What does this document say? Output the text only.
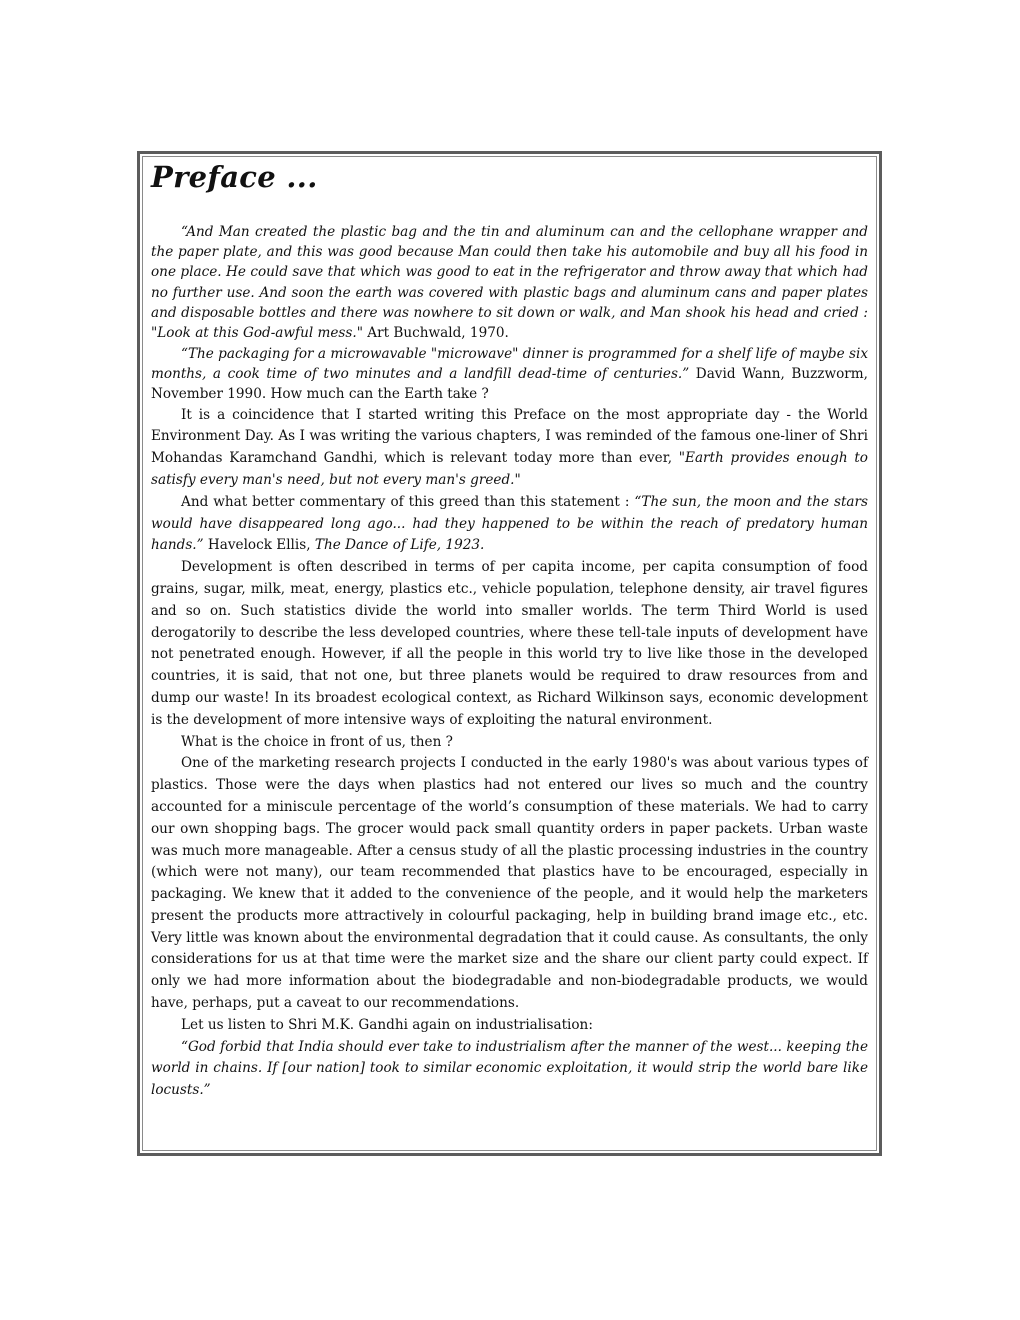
Preface ...

“And Man created the plastic bag and the tin and aluminum can and the cellophane wrapper and the paper plate, and this was good because Man could then take his automobile and buy all his food in one place. He could save that which was good to eat in the refrigerator and throw away that which had no further use. And soon the earth was covered with plastic bags and aluminum cans and paper plates and disposable bottles and there was nowhere to sit down or walk, and Man shook his head and cried : "Look at this God-awful mess." Art Buchwald, 1970.

“The packaging for a microwavable "microwave" dinner is programmed for a shelf life of maybe six months, a cook time of two minutes and a landfill dead-time of centuries.” David Wann, Buzzworm, November 1990. How much can the Earth take ?

It is a coincidence that I started writing this Preface on the most appropriate day - the World Environment Day. As I was writing the various chapters, I was reminded of the famous one-liner of Shri Mohandas Karamchand Gandhi, which is relevant today more than ever, "Earth provides enough to satisfy every man's need, but not every man's greed."

And what better commentary of this greed than this statement : “The sun, the moon and the stars would have disappeared long ago... had they happened to be within the reach of predatory human hands.” Havelock Ellis, The Dance of Life, 1923.

Development is often described in terms of per capita income, per capita consumption of food grains, sugar, milk, meat, energy, plastics etc., vehicle population, telephone density, air travel figures and so on. Such statistics divide the world into smaller worlds. The term Third World is used derogatorily to describe the less developed countries, where these tell-tale inputs of development have not penetrated enough. However, if all the people in this world try to live like those in the developed countries, it is said, that not one, but three planets would be required to draw resources from and dump our waste! In its broadest ecological context, as Richard Wilkinson says, economic development is the development of more intensive ways of exploiting the natural environment.

What is the choice in front of us, then ?

One of the marketing research projects I conducted in the early 1980's was about various types of plastics. Those were the days when plastics had not entered our lives so much and the country accounted for a miniscule percentage of the world’s consumption of these materials. We had to carry our own shopping bags. The grocer would pack small quantity orders in paper packets. Urban waste was much more manageable. After a census study of all the plastic processing industries in the country (which were not many), our team recommended that plastics have to be encouraged, especially in packaging. We knew that it added to the convenience of the people, and it would help the marketers present the products more attractively in colourful packaging, help in building brand image etc., etc. Very little was known about the environmental degradation that it could cause. As consultants, the only considerations for us at that time were the market size and the share our client party could expect. If only we had more information about the biodegradable and non-biodegradable products, we would have, perhaps, put a caveat to our recommendations.

Let us listen to Shri M.K. Gandhi again on industrialisation:

“God forbid that India should ever take to industrialism after the manner of the west... keeping the world in chains. If [our nation] took to similar economic exploitation, it would strip the world bare like locusts.”
